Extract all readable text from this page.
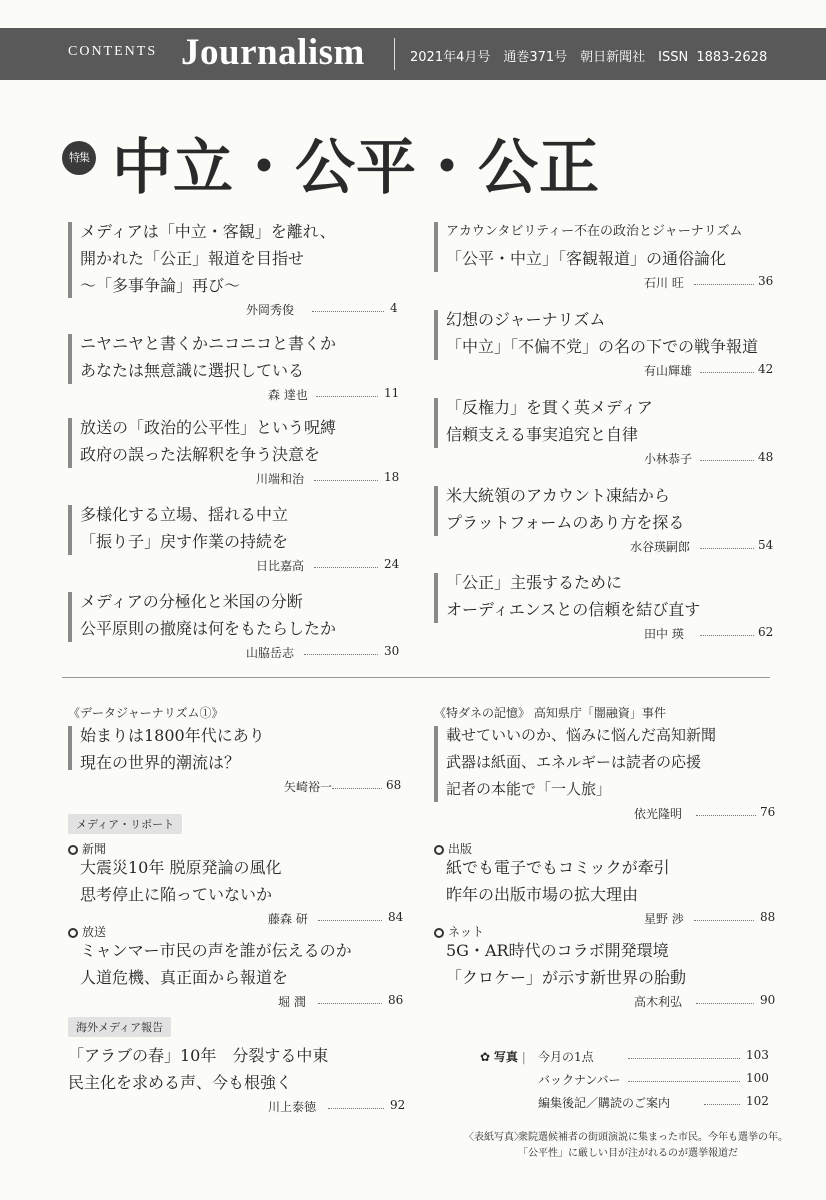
CONTENTS Journalism	2021年4月号　通巻371号　朝日新聞社　ISSN 1883-2628
特集 中立・公平・公正
メディアは「中立・客観」を離れ、
開かれた「公正」報道を目指せ
〜「多事争論」再び〜
外岡秀俊	4
ニヤニヤと書くかニコニコと書くか
あなたは無意識に選択している
森 達也	11
放送の「政治的公平性」という呪縛
政府の誤った法解釈を争う決意を
川端和治	18
多様化する立場、揺れる中立
「振り子」戻す作業の持続を
日比嘉高	24
メディアの分極化と米国の分断
公平原則の撤廃は何をもたらしたか
山脇岳志	30
アカウンタビリティー不在の政治とジャーナリズム
「公平・中立」「客観報道」の通俗論化
石川 旺	36
幻想のジャーナリズム
「中立」「不偏不党」の名の下での戦争報道
有山輝雄	42
「反権力」を貫く英メディア
信頼支える事実追究と自律
小林恭子	48
米大統領のアカウント凍結から
プラットフォームのあり方を探る
水谷瑛嗣郎	54
「公正」主張するために
オーディエンスとの信頼を結び直す
田中 瑛	62
《データジャーナリズム①》
始まりは1800年代にあり
現在の世界的潮流は？
矢崎裕一	68
《特ダネの記憶》 高知県庁「闇融資」事件
載せていいのか、悩みに悩んだ高知新聞
武器は紙面、エネルギーは読者の応援
記者の本能で「一人旅」
依光隆明	76
メディア・リポート
新聞
大震災10年 脱原発論の風化
思考停止に陥っていないか
藤森 研	84
出版
紙でも電子でもコミックが牽引
昨年の出版市場の拡大理由
星野 渉	88
放送
ミャンマー市民の声を誰が伝えるのか
人道危機、真正面から報道を
堀 潤	86
ネット
5G・AR時代のコラボ開発環境
「クロケー」が示す新世界の胎動
高木利弘	90
海外メディア報告
「アラブの春」10年　分裂する中東
民主化を求める声、今も根強く
川上泰徳	92
✿ 写真 | 今月の1点	103
バックナンバー	100
編集後記／購読のご案内	102
〈表紙写真〉
衆院選候補者の街頭演説に集まった市民。今年も選挙の年。
「公平性」に厳しい目が注がれるのが選挙報道だ
